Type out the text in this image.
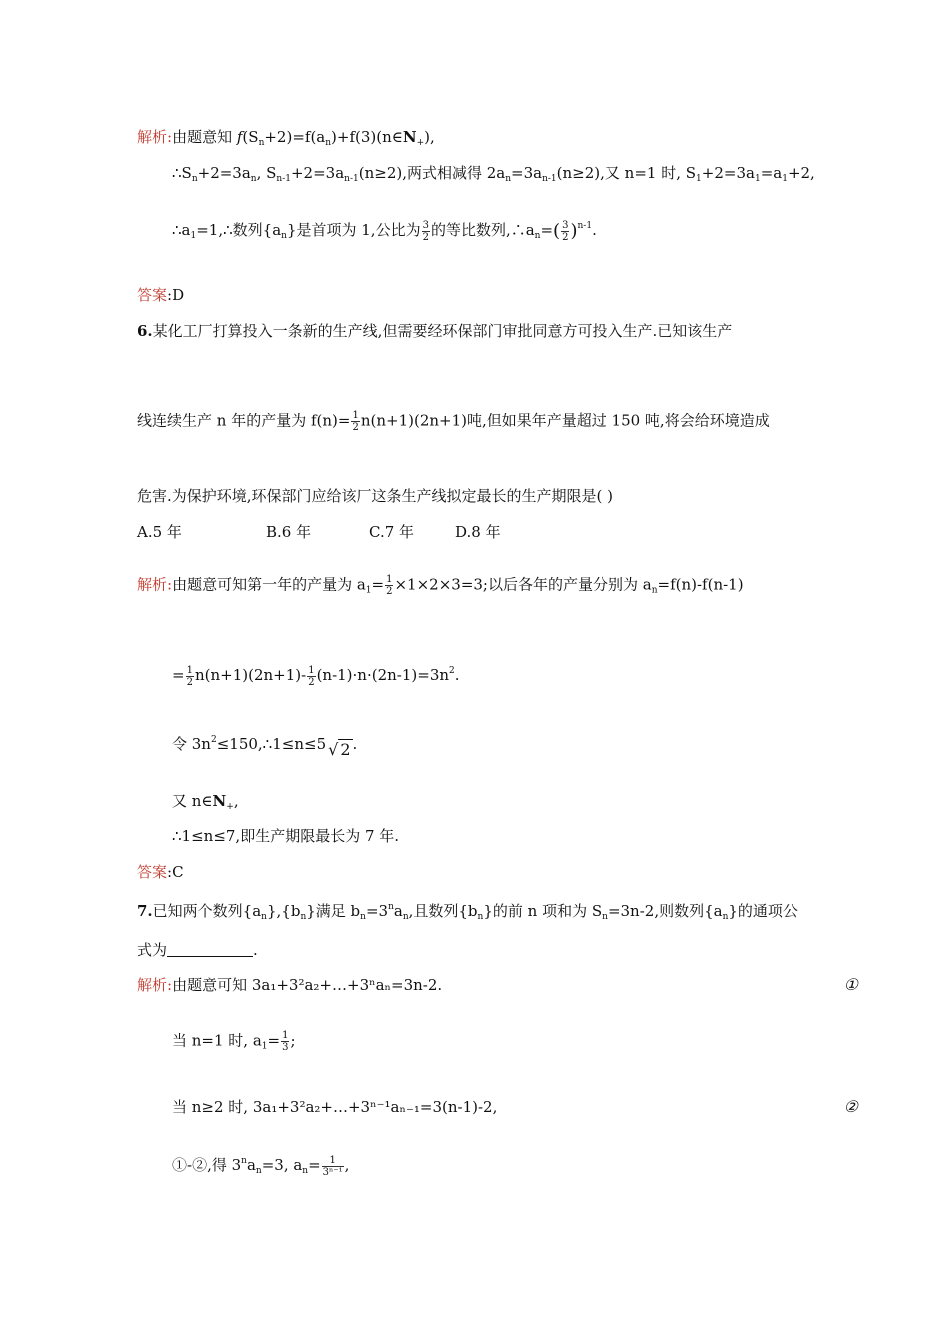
解析:由题意知 $f(S_n+2)=f(a_n)+f(3)(n\in N_+)$,
$\therefore S_n+2=3a_n$, $S_{n-1}+2=3a_{n-1}(n\ge 2)$,两式相减得 $2a_n=3a_{n-1}(n\ge 2)$,又 n=1 时, $S_1+2=3a_1=a_1+2$,
$\therefore a_1=1,\therefore$数列$\{a_n\}$是首项为 1,公比为 $\frac{3}{2}$ 的等比数列$,\therefore a_n=( \frac{3}{2} )^{n-1}$.
答案:D
6.某化工厂打算投入一条新的生产线,但需要经环保部门审批同意方可投入生产.已知该生产
线连续生产 n 年的产量为 $f(n)= \frac{1}{2} n(n+1)(2n+1)$吨,但如果年产量超过 150 吨,将会给环境造成
危害.为保护环境,环保部门应给该厂这条生产线拟定最长的生产期限是( )
A.5 年	B.6 年	C.7 年	D.8 年
解析:由题意可知第一年的产量为 $a_1= \frac{1}{2} \times 1\times 2\times 3=3$;以后各年的产量分别为 $a_n=f(n)-f(n-1)$
= $\frac{1}{2} n(n+1)(2n+1)- \frac{1}{2} (n-1)\cdot n\cdot(2n-1)=3n^2$.
令 $3n^2\le 150,\therefore 1\le n\le 5$ √ 2 .
又 $n\in N_+$,
∴1≤n≤7,即生产期限最长为 7 年.
答案:C
7.已知两个数列$\{a_n\},\{b_n\}$满足 $b_n=3^na_n$,且数列$\{b_n\}$的前 n 项和为 $S_n=3n-2$,则数列$\{a_n\}$的通项公
式为	.
解析:由题意可知 3a₁+3²a₂+…+3ⁿaₙ=3n-2.	①
当 n=1 时, $a_1= \frac{1}{3}$ ;
当 n≥2 时, 3a₁+3²a₂+…+3ⁿ⁻¹aₙ₋₁=3(n-1)-2,	②
①-②,得 $3^na_n=3$, $a_n= \frac{1}{\text{3ⁿ⁻¹}}$ ,
